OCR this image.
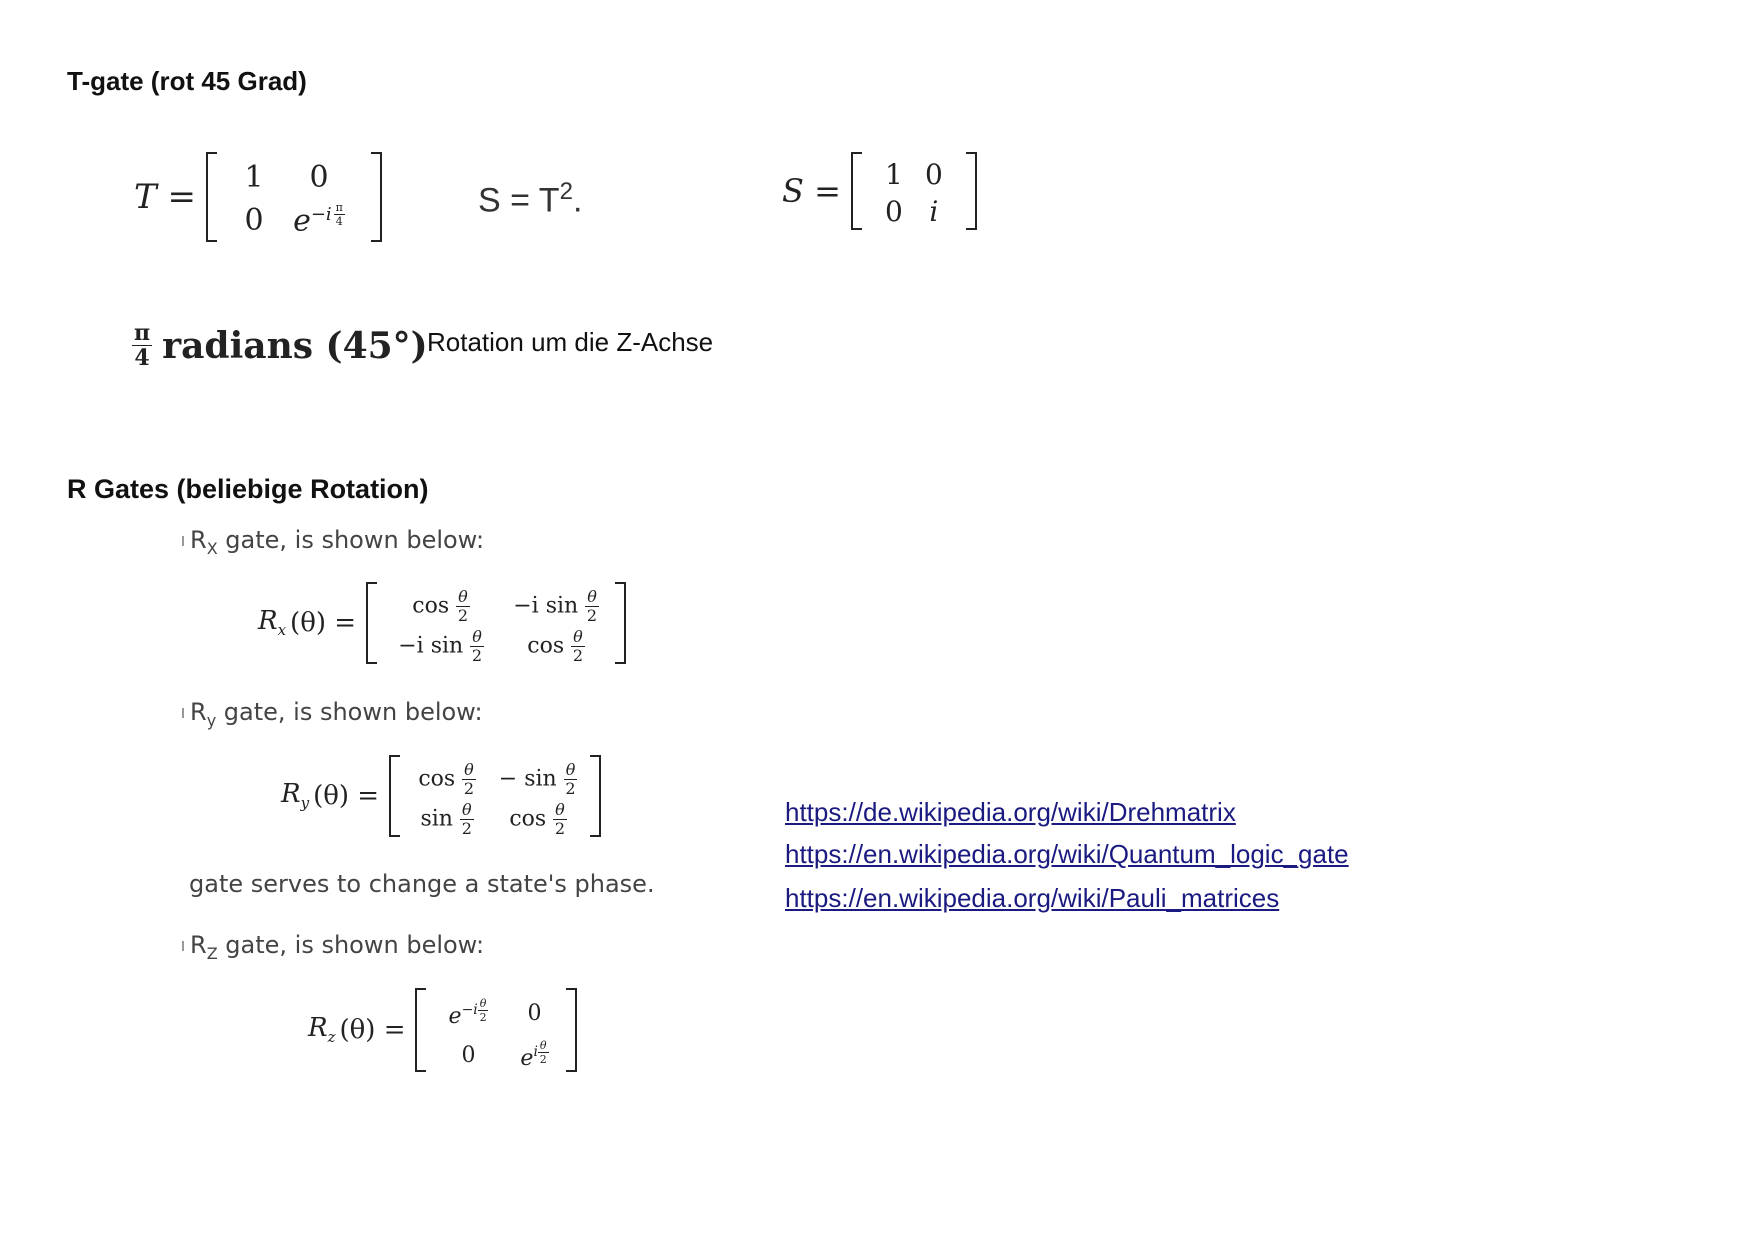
T-gate (rot 45 Grad)
T = 1 0
0 $e^{-i \frac{\pi}{4}}$	$S = T^2$.	S = 1 0
0 i
$\frac{\pi}{4}$ radians (45°) Rotation um die Z-Achse
R Gates (beliebige Rotation)
$R_X$ gate, is shown below:
$R_x$ (θ) =
$\cos \frac{\theta}{2} -i$ $\sin \frac{\theta}{2}$
−i $\sin \frac{\theta}{2}$ $\cos \frac{\theta}{2}$
$R_y$ gate, is shown below:
$R_y$ (θ) =
$\cos \frac{\theta}{2} - \sin \frac{\theta}{2}$
$\sin \frac{\theta}{2}$ $\cos \frac{\theta}{2}$
gate serves to change a state's phase.
$R_Z$ gate, is shown below:
$R_z$ $(\theta) = e^{-i \frac{\theta}{2}}$ 0
0 $e^{i \frac{\theta}{2}}$
https://de.wikipedia.org/wiki/Drehmatrix
https://en.wikipedia.org/wiki/Quantum_logic_gate
https://en.wikipedia.org/wiki/Pauli_matrices
